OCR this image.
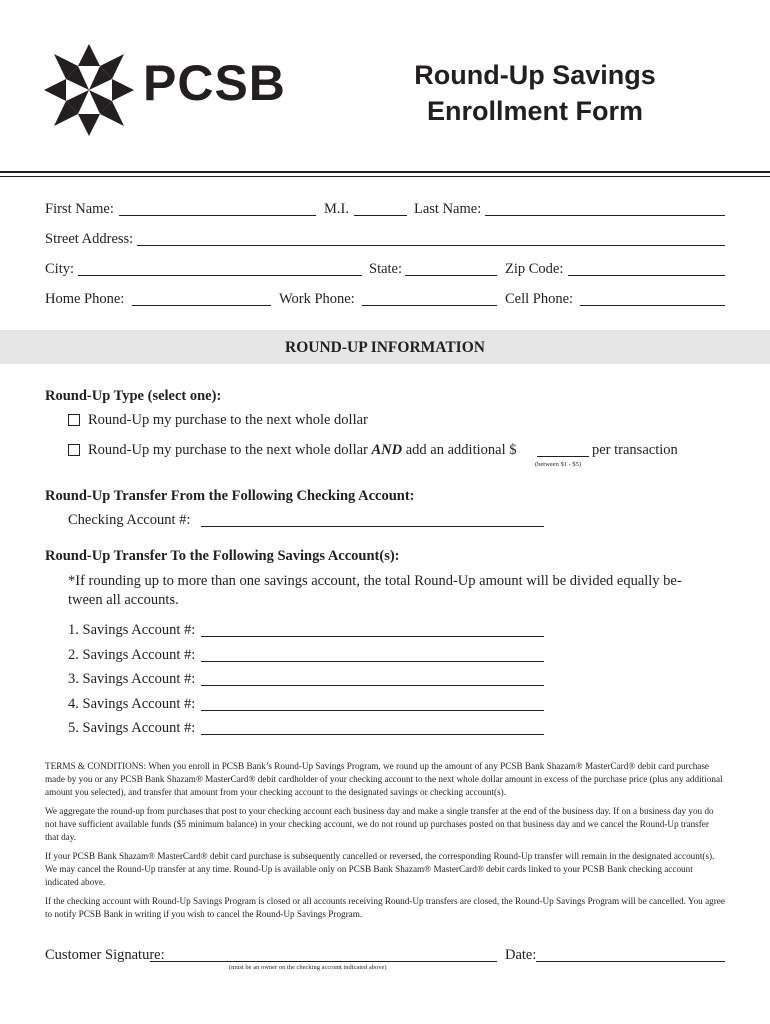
PCSB	Round-Up Savings
Enrollment Form
First Name:	M.I.	Last Name:
Street Address:
City:	State:	Zip Code:
Home Phone:	Work Phone:	Cell Phone:
ROUND-UP INFORMATION
Round-Up Type (select one):
Round-Up my purchase to the next whole dollar
Round-Up my purchase to the next whole dollar AND add an additional $	per transaction
(between $1 - $5)
Round-Up Transfer From the Following Checking Account:
Checking Account #:
Round-Up Transfer To the Following Savings Account(s):
*If rounding up to more than one savings account, the total Round-Up amount will be divided equally be-
tween all accounts.
1. Savings Account #:
2. Savings Account #:
3. Savings Account #:
4. Savings Account #:
5. Savings Account #:

TERMS & CONDITIONS: When you enroll in PCSB Bank’s Round-Up Savings Program, we round up the amount of any PCSB Bank Shazam® MasterCard® debit card purchase made by you or any PCSB Bank Shazam® MasterCard® debit cardholder of your checking account to the next whole dollar amount in excess of the purchase price (plus any additional amount you selected), and transfer that amount from your checking account to the designated savings or checking account(s).

We aggregate the round-up from purchases that post to your checking account each business day and make a single transfer at the end of the business day. If on a business day you do not have sufficient available funds ($5 minimum balance) in your checking account, we do not round up purchases posted on that business day and we cancel the Round-Up transfer that day.

If your PCSB Bank Shazam® MasterCard® debit card purchase is subsequently cancelled or reversed, the corresponding Round-Up transfer will remain in the designated account(s). We may cancel the Round-Up transfer at any time. Round-Up is available only on PCSB Bank Shazam® MasterCard® debit cards linked to your PCSB Bank checking account indicated above.

If the checking account with Round-Up Savings Program is closed or all accounts receiving Round-Up transfers are closed, the Round-Up Savings Program will be cancelled. You agree to notify PCSB Bank in writing if you wish to cancel the Round-Up Savings Program.

Customer Signature:	Date:
(must be an owner on the checking account indicated above)
